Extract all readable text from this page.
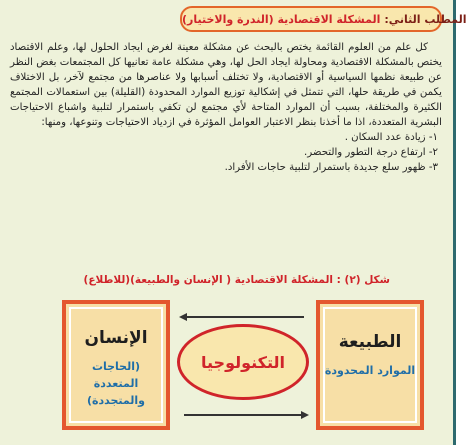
المطلب الثاني:
المشكلة الاقتصادية (الندرة والاختيار)

كل علم من العلوم القائمة يختص بالبحث عن مشكلة معينة لغرض ايجاد الحلول لها، وعلم الاقتصاد يختص بالمشكلة الاقتصادية ومحاولة ايجاد الحل لها، وهي مشكلة عامة تعانيها كل المجتمعات بغض النظر عن طبيعة نظمها السياسية أو الاقتصادية، ولا تختلف أسبابها ولا عناصرها من مجتمع لآخر، بل الاختلاف يكمن في طريقة حلها، التي تتمثل في إشكالية توزيع الموارد المحدودة (القليلة) بين استعمالات المجتمع الكثيرة والمختلفة، بسبب أن الموارد المتاحة لأي مجتمع لن تكفي باستمرار لتلبية واشباع الاحتياجات البشرية المتعددة، اذا ما أخذنا بنظر الاعتبار العوامل المؤثرة في ازدياد الاحتياجات وتنوعها، ومنها:

١- زيادة عدد السكان .
٢- ارتفاع درجة التطور والتحضر.
٣- ظهور سلع جديدة باستمرار لتلبية حاجات الأفراد.
شكل (٢) : المشكلة الاقتصادية ( الإنسان والطبيعة)(للاطلاع)
الطبيعة
الموارد المحدودة
الإنسان
(الحاجات المتعددة والمتجددة)
التكنولوجيا
